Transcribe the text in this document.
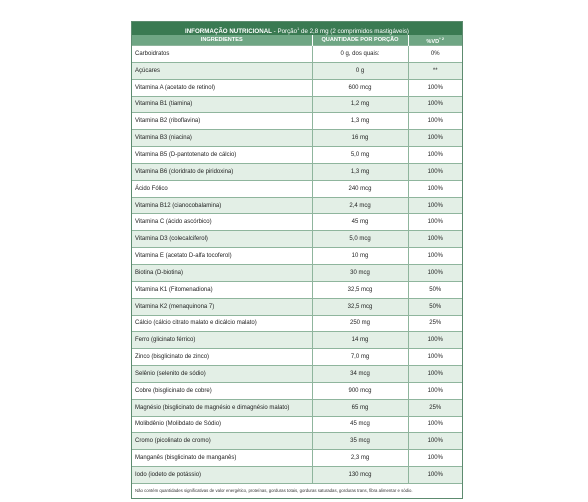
INFORMAÇÃO NUTRICIONAL - Porção$^1$ de 2,8 mg (2 comprimidos mastigáveis)
INGREDIENTES	QUANTIDADE POR PORÇÃO	%VD$^{* 2}$
Carboidratos	0 g, dos quais:	0%
Açúcares	0 g	**
Vitamina A (acetato de retinol)	600 mcg	100%
Vitamina B1 (tiamina)	1,2 mg	100%
Vitamina B2 (riboflavina)	1,3 mg	100%
Vitamina B3 (niacina)	16 mg	100%
Vitamina B5 (D-pantotenato de cálcio)	5,0 mg	100%
Vitamina B6 (cloridrato de piridoxina)	1,3 mg	100%
Ácido Fólico	240 mcg	100%
Vitamina B12 (cianocobalamina)	2,4 mcg	100%
Vitamina C (ácido ascórbico)	45 mg	100%
Vitamina D3 (colecalciferol)	5,0 mcg	100%
Vitamina E (acetato D-alfa tocoferol)	10 mg	100%
Biotina (D-biotina)	30 mcg	100%
Vitamina K1 (Fitomenadiona)	32,5 mcg	50%
Vitamina K2 (menaquinona 7)	32,5 mcg	50%
Cálcio (cálcio citrato malato e dicálcio malato)	250 mg	25%
Ferro (glicinato férrico)	14 mg	100%
Zinco (bisglicinato de zinco)	7,0 mg	100%
Selênio (selenito de sódio)	34 mcg	100%
Cobre (bisglicinato de cobre)	900 mcg	100%
Magnésio (bisglicinato de magnésio e dimagnésio malato)	65 mg	25%
Molibdênio (Molibdato de Sódio)	45 mcg	100%
Cromo (picolinato de cromo)	35 mcg	100%
Manganês (bisglicinato de manganês)	2,3 mg	100%
Iodo (iodeto de potássio)	130 mcg	100%
Não contém quantidades significativas de valor energético, proteínas, gorduras totais, gorduras saturadas, gorduras trans, fibra alimentar e sódio.
